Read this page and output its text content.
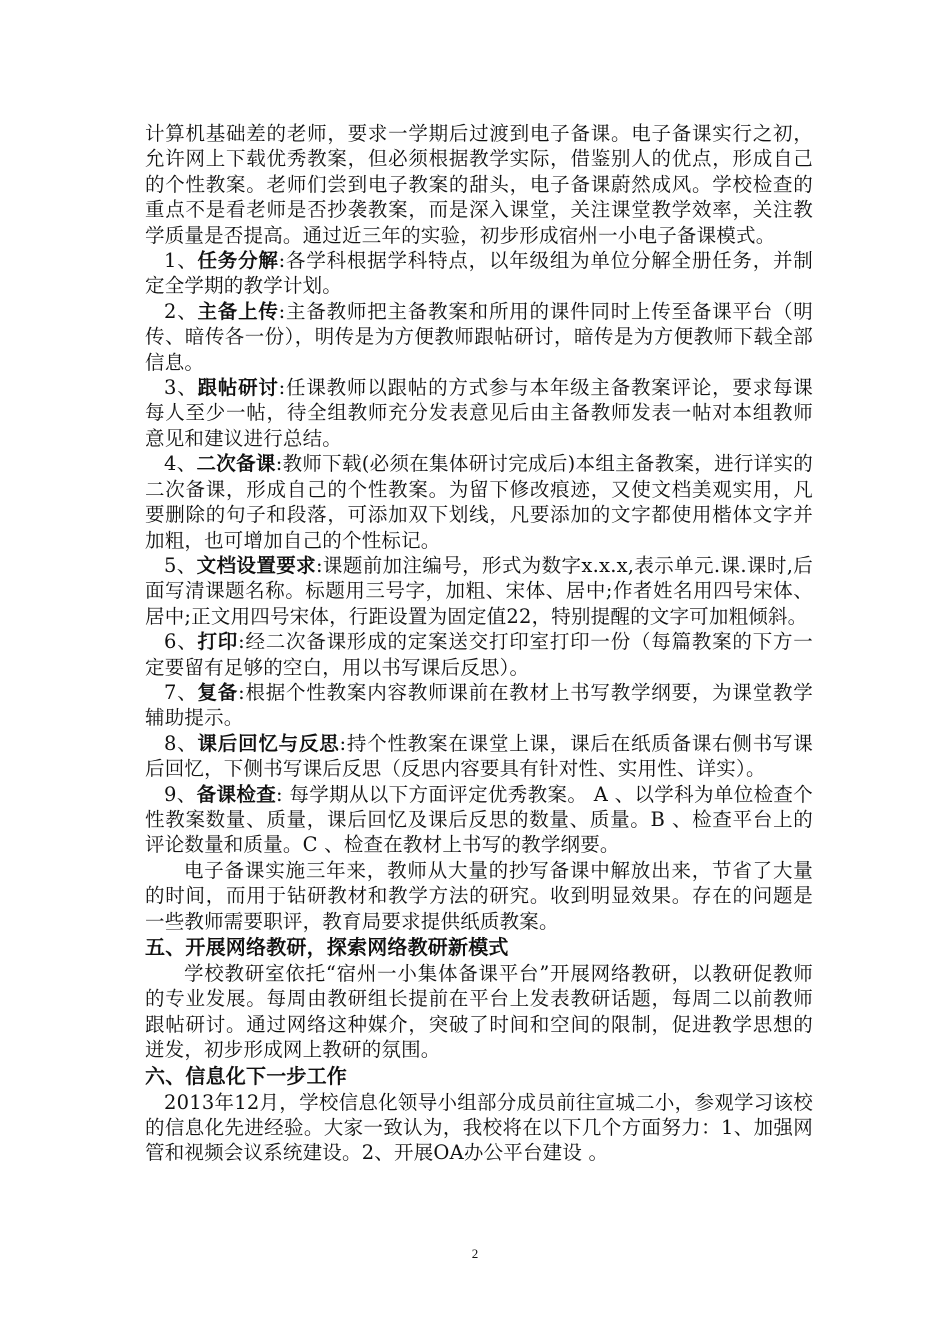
计算机基础差的老师，要求一学期后过渡到电子备课。电子备课实行之初，允许网上下载优秀教案，但必须根据教学实际，借鉴别人的优点，形成自己的个性教案。老师们尝到电子教案的甜头，电子备课蔚然成风。学校检查的重点不是看老师是否抄袭教案，而是深入课堂，关注课堂教学效率，关注教学质量是否提高。通过近三年的实验，初步形成宿州一小电子备课模式。

1、任务分解:各学科根据学科特点，以年级组为单位分解全册任务，并制定全学期的教学计划。

2、主备上传:主备教师把主备教案和所用的课件同时上传至备课平台（明传、暗传各一份），明传是为方便教师跟帖研讨，暗传是为方便教师下载全部信息。

3、跟帖研讨:任课教师以跟帖的方式参与本年级主备教案评论，要求每课每人至少一帖，待全组教师充分发表意见后由主备教师发表一帖对本组教师意见和建议进行总结。

4、二次备课:教师下载(必须在集体研讨完成后)本组主备教案，进行详实的二次备课，形成自己的个性教案。为留下修改痕迹，又使文档美观实用，凡要删除的句子和段落，可添加双下划线，凡要添加的文字都使用楷体文字并加粗，也可增加自己的个性标记。

5、文档设置要求:课题前加注编号，形式为数字x.x.x,表示单元.课.课时,后面写清课题名称。标题用三号字，加粗、宋体、居中;作者姓名用四号宋体、居中;正文用四号宋体，行距设置为固定值22，特别提醒的文字可加粗倾斜。

6、打印:经二次备课形成的定案送交打印室打印一份（每篇教案的下方一定要留有足够的空白，用以书写课后反思）。

7、复备:根据个性教案内容教师课前在教材上书写教学纲要，为课堂教学辅助提示。

8、课后回忆与反思:持个性教案在课堂上课，课后在纸质备课右侧书写课后回忆，下侧书写课后反思（反思内容要具有针对性、实用性、详实）。

9、备课检查: 每学期从以下方面评定优秀教案。 A 、以学科为单位检查个性教案数量、质量，课后回忆及课后反思的数量、质量。B 、检查平台上的评论数量和质量。C 、检查在教材上书写的教学纲要。

电子备课实施三年来，教师从大量的抄写备课中解放出来，节省了大量的时间，而用于钻研教材和教学方法的研究。收到明显效果。存在的问题是一些教师需要职评，教育局要求提供纸质教案。

五、开展网络教研，探索网络教研新模式

学校教研室依托“宿州一小集体备课平台”开展网络教研，以教研促教师的专业发展。每周由教研组长提前在平台上发表教研话题，每周二以前教师跟帖研讨。通过网络这种媒介，突破了时间和空间的限制，促进教学思想的迸发，初步形成网上教研的氛围。

六、信息化下一步工作

2013年12月，学校信息化领导小组部分成员前往宣城二小，参观学习该校的信息化先进经验。大家一致认为，我校将在以下几个方面努力：1、加强网管和视频会议系统建设。2、开展OA办公平台建设 。

2
